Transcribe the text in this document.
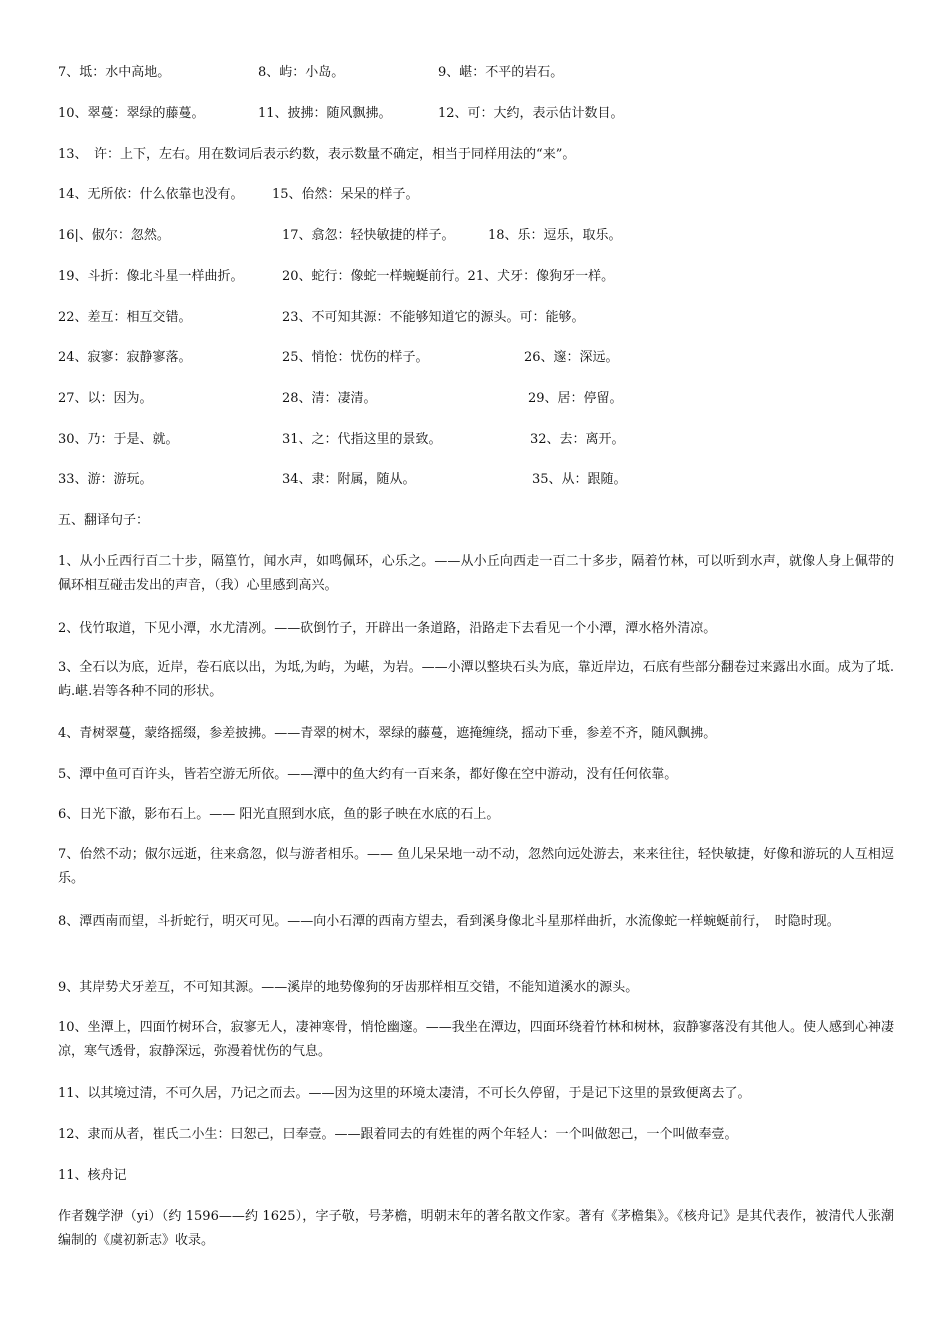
7、坻：水中高地。	8、屿：小岛。	9、嵁：不平的岩石。
10、翠蔓：翠绿的藤蔓。	11、披拂：随风飘拂。	12、可：大约，表示估计数目。
13、　许：上下，左右。用在数词后表示约数，表示数量不确定，相当于同样用法的“来”。
14、无所依：什么依靠也没有。 15、佁然：呆呆的样子。
16|、俶尔：忽然。	17、翕忽：轻快敏捷的样子。	18、乐：逗乐，取乐。
19、斗折：像北斗星一样曲折。	20、蛇行：像蛇一样蜿蜒前行。21、犬牙：像狗牙一样。
22、差互：相互交错。	23、不可知其源：不能够知道它的源头。可：能够。
24、寂寥：寂静寥落。	25、悄怆：忧伤的样子。	26、邃：深远。
27、以：因为。	28、清：凄清。	29、居：停留。
30、乃：于是、就。	31、之：代指这里的景致。	32、去：离开。
33、游：游玩。	34、隶：附属，随从。	35、从：跟随。
五、翻译句子：
1、从小丘西行百二十步，隔篁竹，闻水声，如鸣佩环，心乐之。——从小丘向西走一百二十多步，隔着竹林，可以听到水声，就像人身上佩带的佩环相互碰击发出的声音，（我）心里感到高兴。
2、伐竹取道，下见小潭，水尤清冽。——砍倒竹子，开辟出一条道路，沿路走下去看见一个小潭，潭水格外清凉。
3、全石以为底，近岸，卷石底以出，为坻,为屿，为嵁，为岩。——小潭以整块石头为底，靠近岸边，石底有些部分翻卷过来露出水面。成为了坻.屿.嵁.岩等各种不同的形状。
4、青树翠蔓，蒙络摇缀，参差披拂。——青翠的树木，翠绿的藤蔓，遮掩缠绕，摇动下垂，参差不齐，随风飘拂。
5、潭中鱼可百许头，皆若空游无所依。——潭中的鱼大约有一百来条，都好像在空中游动，没有任何依靠。
6、日光下澈，影布石上。—— 阳光直照到水底，鱼的影子映在水底的石上。
7、佁然不动；俶尔远逝，往来翕忽，似与游者相乐。—— 鱼儿呆呆地一动不动，忽然向远处游去，来来往往，轻快敏捷，好像和游玩的人互相逗乐。
8、潭西南而望，斗折蛇行，明灭可见。——向小石潭的西南方望去，看到溪身像北斗星那样曲折，水流像蛇一样蜿蜒前行，　时隐时现。
9、其岸势犬牙差互，不可知其源。——溪岸的地势像狗的牙齿那样相互交错，不能知道溪水的源头。
10、坐潭上，四面竹树环合，寂寥无人，凄神寒骨，悄怆幽邃。——我坐在潭边，四面环绕着竹林和树林，寂静寥落没有其他人。使人感到心神凄凉，寒气透骨，寂静深远，弥漫着忧伤的气息。
11、以其境过清，不可久居，乃记之而去。——因为这里的环境太凄清，不可长久停留，于是记下这里的景致便离去了。
12、隶而从者，崔氏二小生：曰恕己，曰奉壹。——跟着同去的有姓崔的两个年轻人：一个叫做恕己，一个叫做奉壹。
11、核舟记
作者魏学洢（yi）（约 1596——约 1625），字子敬，号茅檐，明朝末年的著名散文作家。著有《茅檐集》。《核舟记》是其代表作，被清代人张潮编制的《虞初新志》收录。
